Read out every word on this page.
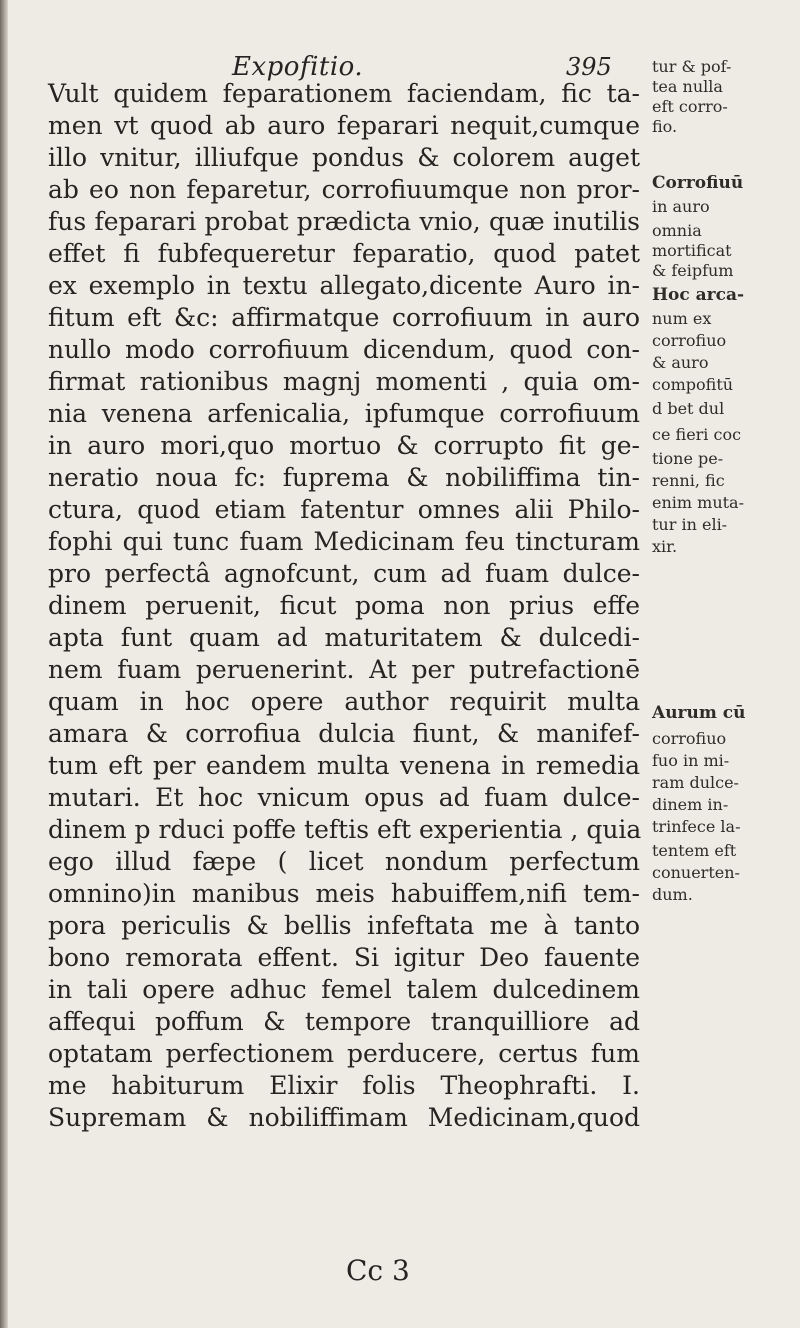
Expofitio.	395
Vult quidem feparationem faciendam, fic ta-
men vt quod ab auro feparari nequit,cumque
illo vnitur, illiufque pondus & colorem auget
ab eo non feparetur, corrofiuumque non pror-
fus feparari probat prædicta vnio, quæ inutilis
effet fi fubfequeretur feparatio, quod patet
ex exemplo in textu allegato,dicente Auro in-
fitum eft &c: affirmatque corrofiuum in auro
nullo modo corrofiuum dicendum, quod con-
firmat rationibus magnj momenti , quia om-
nia venena arfenicalia, ipfumque corrofiuum
in auro mori,quo mortuo & corrupto fit ge-
neratio noua fc: fuprema & nobiliffima tin-
ctura, quod etiam fatentur omnes alii Philo-
fophi qui tunc fuam Medicinam feu tincturam
pro perfectâ agnofcunt, cum ad fuam dulce-
dinem peruenit, ficut poma non prius effe
apta funt quam ad maturitatem & dulcedi-
nem fuam peruenerint. At per putrefactionē
quam in hoc opere author requirit multa
amara & corrofiua dulcia fiunt, & manifef-
tum eft per eandem multa venena in remedia
mutari. Et hoc vnicum opus ad fuam dulce-
dinem p rduci poffe teftis eft experientia , quia
ego illud fæpe ( licet nondum perfectum
omnino)in manibus meis habuiffem,nifi tem-
pora periculis & bellis infeftata me à tanto
bono remorata effent. Si igitur Deo fauente
in tali opere adhuc femel talem dulcedinem
affequi poffum & tempore tranquilliore ad
optatam perfectionem perducere, certus fum
me habiturum Elixir folis Theophrafti. I.
Supremam & nobiliffimam Medicinam,quod
tur & pof-
tea nulla
eft corro-
fio.
Corrofiuū
in auro
omnia
mortificat
& feipfum
Hoc arca-
num ex
corrofiuo
& auro
compofitū
d bet dul
ce fieri coc
tione pe-
renni, fic
enim muta-
tur in eli-
xir.
Aurum cū
corrofiuo
fuo in mi-
ram dulce-
dinem in-
trinfece la-
tentem eft
conuerten-
dum.
Cc 3
